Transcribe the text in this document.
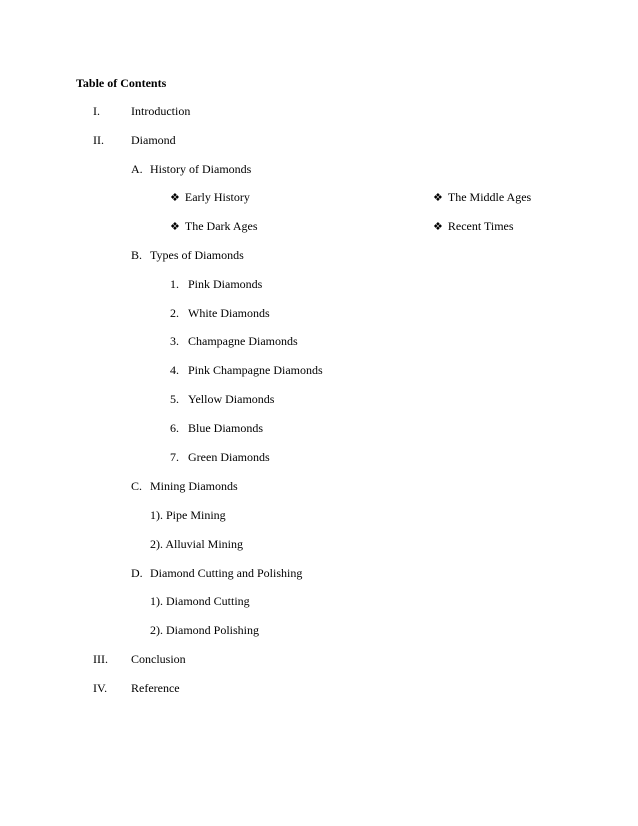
Table of Contents
I.	Introduction
II. Diamond
A. History of Diamonds
❖ Early History	❖ The Middle Ages
❖ The Dark Ages	❖ Recent Times
B. Types of Diamonds
1. Pink Diamonds
2. White Diamonds
3. Champagne Diamonds
4. Pink Champagne Diamonds
5. Yellow Diamonds
6. Blue Diamonds
7. Green Diamonds
C. Mining Diamonds
1). Pipe Mining
2). Alluvial Mining
D. Diamond Cutting and Polishing
1). Diamond Cutting
2). Diamond Polishing
III. Conclusion
IV. Reference
